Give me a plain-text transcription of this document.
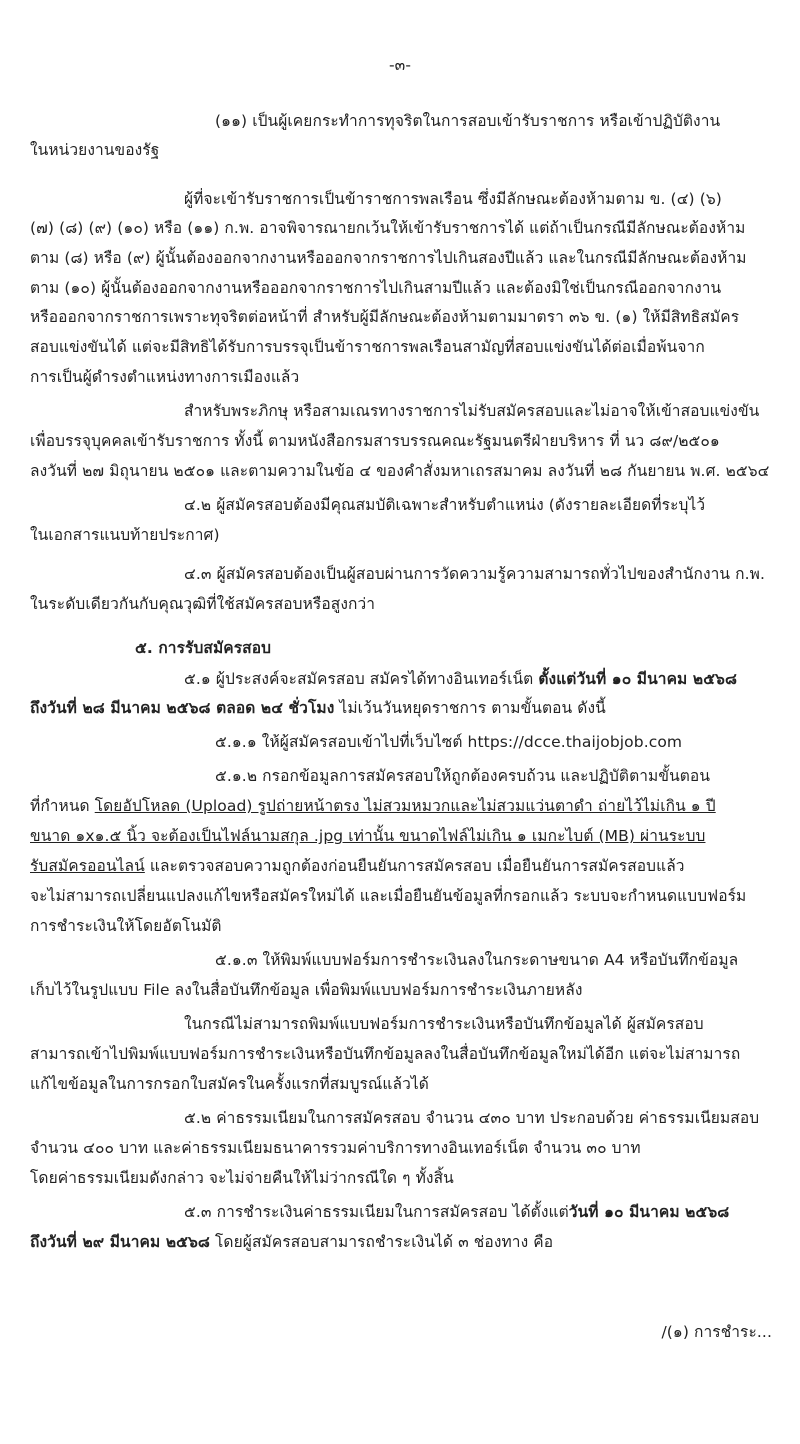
-๓-
(๑๑) เป็นผู้เคยกระทำการทุจริตในการสอบเข้ารับราชการ หรือเข้าปฏิบัติงาน
ในหน่วยงานของรัฐ
ผู้ที่จะเข้ารับราชการเป็นข้าราชการพลเรือน ซึ่งมีลักษณะต้องห้ามตาม ข. (๔) (๖)
(๗) (๘) (๙) (๑๐) หรือ (๑๑) ก.พ. อาจพิจารณายกเว้นให้เข้ารับราชการได้ แต่ถ้าเป็นกรณีมีลักษณะต้องห้าม
ตาม (๘) หรือ (๙) ผู้นั้นต้องออกจากงานหรือออกจากราชการไปเกินสองปีแล้ว และในกรณีมีลักษณะต้องห้าม
ตาม (๑๐) ผู้นั้นต้องออกจากงานหรือออกจากราชการไปเกินสามปีแล้ว และต้องมิใช่เป็นกรณีออกจากงาน
หรือออกจากราชการเพราะทุจริตต่อหน้าที่ สำหรับผู้มีลักษณะต้องห้ามตามมาตรา ๓๖ ข. (๑) ให้มีสิทธิสมัคร
สอบแข่งขันได้ แต่จะมีสิทธิได้รับการบรรจุเป็นข้าราชการพลเรือนสามัญที่สอบแข่งขันได้ต่อเมื่อพ้นจาก
การเป็นผู้ดำรงตำแหน่งทางการเมืองแล้ว
สำหรับพระภิกษุ หรือสามเณรทางราชการไม่รับสมัครสอบและไม่อาจให้เข้าสอบแข่งขัน
เพื่อบรรจุบุคคลเข้ารับราชการ ทั้งนี้ ตามหนังสือกรมสารบรรณคณะรัฐมนตรีฝ่ายบริหาร ที่ นว ๘๙/๒๕๐๑
ลงวันที่ ๒๗ มิถุนายน ๒๕๐๑ และตามความในข้อ ๔ ของคำสั่งมหาเถรสมาคม ลงวันที่ ๒๘ กันยายน พ.ศ. ๒๕๖๔
๔.๒ ผู้สมัครสอบต้องมีคุณสมบัติเฉพาะสำหรับตำแหน่ง (ดังรายละเอียดที่ระบุไว้
ในเอกสารแนบท้ายประกาศ)
๔.๓ ผู้สมัครสอบต้องเป็นผู้สอบผ่านการวัดความรู้ความสามารถทั่วไปของสำนักงาน ก.พ.
ในระดับเดียวกันกับคุณวุฒิที่ใช้สมัครสอบหรือสูงกว่า
๕. การรับสมัครสอบ
๕.๑ ผู้ประสงค์จะสมัครสอบ สมัครได้ทางอินเทอร์เน็ต ตั้งแต่วันที่ ๑๐ มีนาคม ๒๕๖๘
ถึงวันที่ ๒๘ มีนาคม ๒๕๖๘ ตลอด ๒๔ ชั่วโมง ไม่เว้นวันหยุดราชการ ตามขั้นตอน ดังนี้
๕.๑.๑ ให้ผู้สมัครสอบเข้าไปที่เว็บไซต์ https://dcce.thaijobjob.com
๕.๑.๒ กรอกข้อมูลการสมัครสอบให้ถูกต้องครบถ้วน และปฏิบัติตามขั้นตอน
ที่กำหนด โดยอัปโหลด (Upload) รูปถ่ายหน้าตรง ไม่สวมหมวกและไม่สวมแว่นตาดำ ถ่ายไว้ไม่เกิน ๑ ปี
ขนาด ๑x๑.๕ นิ้ว จะต้องเป็นไฟล์นามสกุล .jpg เท่านั้น ขนาดไฟล์ไม่เกิน ๑ เมกะไบต์ (MB) ผ่านระบบ
รับสมัครออนไลน์ และตรวจสอบความถูกต้องก่อนยืนยันการสมัครสอบ เมื่อยืนยันการสมัครสอบแล้ว
จะไม่สามารถเปลี่ยนแปลงแก้ไขหรือสมัครใหม่ได้ และเมื่อยืนยันข้อมูลที่กรอกแล้ว ระบบจะกำหนดแบบฟอร์ม
การชำระเงินให้โดยอัตโนมัติ
๕.๑.๓ ให้พิมพ์แบบฟอร์มการชำระเงินลงในกระดาษขนาด A4 หรือบันทึกข้อมูล
เก็บไว้ในรูปแบบ File ลงในสื่อบันทึกข้อมูล เพื่อพิมพ์แบบฟอร์มการชำระเงินภายหลัง
ในกรณีไม่สามารถพิมพ์แบบฟอร์มการชำระเงินหรือบันทึกข้อมูลได้ ผู้สมัครสอบ
สามารถเข้าไปพิมพ์แบบฟอร์มการชำระเงินหรือบันทึกข้อมูลลงในสื่อบันทึกข้อมูลใหม่ได้อีก แต่จะไม่สามารถ
แก้ไขข้อมูลในการกรอกใบสมัครในครั้งแรกที่สมบูรณ์แล้วได้
๕.๒ ค่าธรรมเนียมในการสมัครสอบ จำนวน ๔๓๐ บาท ประกอบด้วย ค่าธรรมเนียมสอบ
จำนวน ๔๐๐ บาท และค่าธรรมเนียมธนาคารรวมค่าบริการทางอินเทอร์เน็ต จำนวน ๓๐ บาท
โดยค่าธรรมเนียมดังกล่าว จะไม่จ่ายคืนให้ไม่ว่ากรณีใด ๆ ทั้งสิ้น
๕.๓ การชำระเงินค่าธรรมเนียมในการสมัครสอบ ได้ตั้งแต่วันที่ ๑๐ มีนาคม ๒๕๖๘
ถึงวันที่ ๒๙ มีนาคม ๒๕๖๘ โดยผู้สมัครสอบสามารถชำระเงินได้ ๓ ช่องทาง คือ
/(๑) การชำระ...
